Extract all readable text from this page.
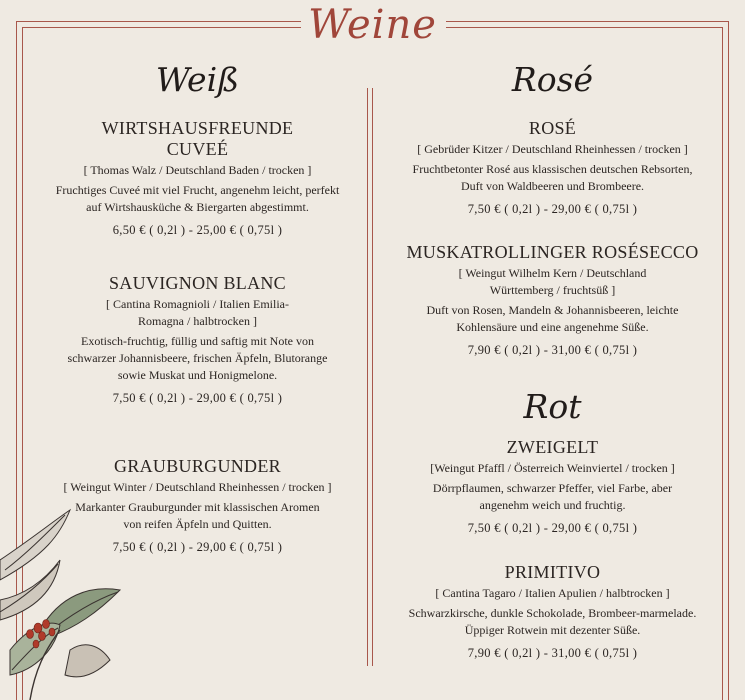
Weine
Weiß

WIRTSHAUSFREUNDE CUVEÉ

[ Thomas Walz / Deutschland Baden / trocken ]

Fruchtiges Cuveé mit viel Frucht, angenehm leicht, perfekt auf Wirtshausküche & Biergarten abgestimmt.

6,50 € ( 0,2l ) - 25,00 € ( 0,75l )

SAUVIGNON BLANC

[ Cantina Romagnioli / Italien Emilia-Romagna / halbtrocken ]

Exotisch-fruchtig, füllig und saftig mit Note von schwarzer Johannisbeere, frischen Äpfeln, Blutorange sowie Muskat und Honigmelone.

7,50 € ( 0,2l ) - 29,00 € ( 0,75l )

GRAUBURGUNDER

[ Weingut Winter / Deutschland Rheinhessen / trocken ]

Markanter Grauburgunder mit klassischen Aromen von reifen Äpfeln und Quitten.

7,50 € ( 0,2l ) - 29,00 € ( 0,75l )

Rosé

ROSÉ

[ Gebrüder Kitzer / Deutschland Rheinhessen / trocken ]

Fruchtbetonter Rosé aus klassischen deutschen Rebsorten, Duft von Waldbeeren und Brombeere.

7,50 € ( 0,2l ) - 29,00 € ( 0,75l )

MUSKATROLLINGER ROSÉSECCO

[ Weingut Wilhelm Kern / Deutschland Württemberg / fruchtsüß ]

Duft von Rosen, Mandeln & Johannisbeeren, leichte Kohlensäure und eine angenehme Süße.

7,90 € ( 0,2l ) - 31,00 € ( 0,75l )

Rot

ZWEIGELT

[Weingut Pfaffl / Österreich Weinviertel / trocken ]

Dörrpflaumen, schwarzer Pfeffer, viel Farbe, aber angenehm weich und fruchtig.

7,50 € ( 0,2l ) - 29,00 € ( 0,75l )

PRIMITIVO

[ Cantina Tagaro / Italien Apulien / halbtrocken ]

Schwarzkirsche, dunkle Schokolade, Brombeer-marmelade. Üppiger Rotwein mit dezenter Süße.

7,90 € ( 0,2l ) - 31,00 € ( 0,75l )
